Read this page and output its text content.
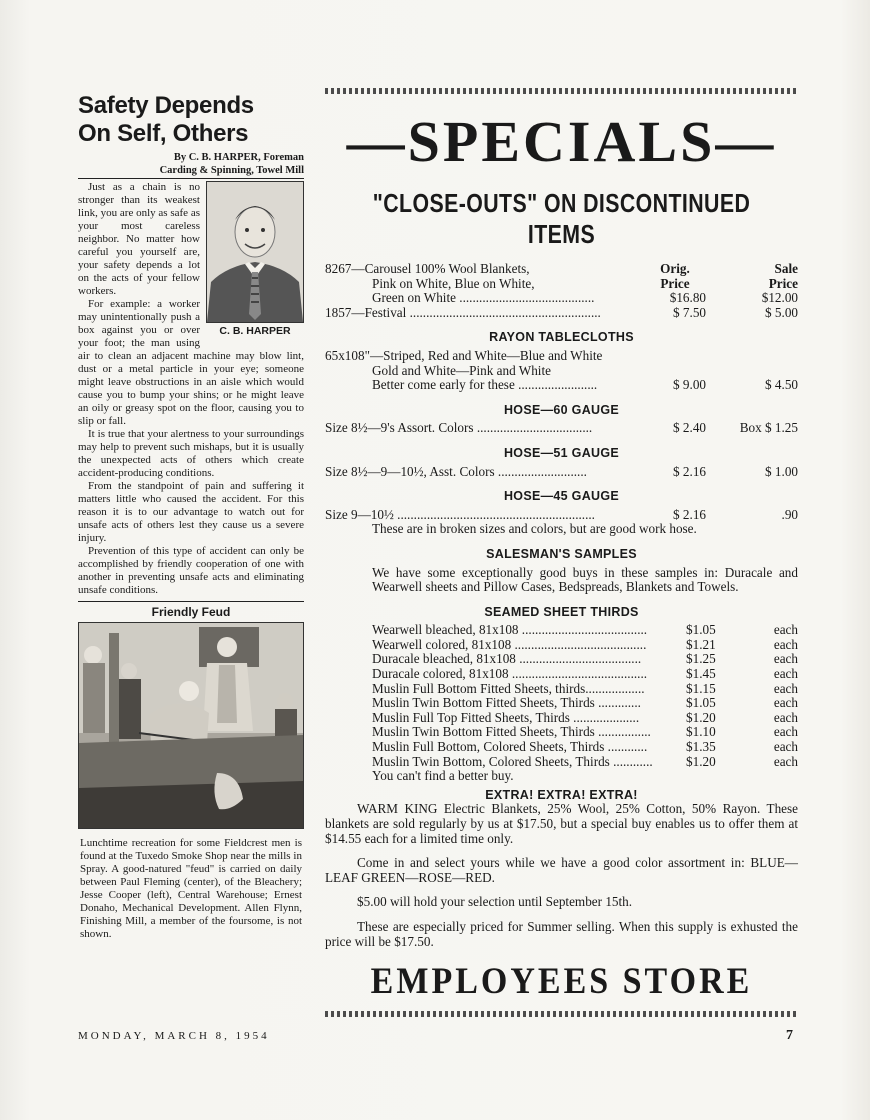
Safety Depends
On Self, Others
By C. B. HARPER, Foreman
Carding & Spinning, Towel Mill
C. B. HARPER

Just as a chain is no stronger than its weakest link, you are only as safe as your most careless neighbor. No matter how careful you yourself are, your safety depends a lot on the acts of your fellow workers.

For example: a worker may unintentionally push a box against you or over your foot; the man using air to clean an adjacent machine may blow lint, dust or a metal particle in your eye; someone might leave obstructions in an aisle which would cause you to bump your shins; or he might leave an oily or greasy spot on the floor, causing you to slip or fall.

It is true that your alertness to your surroundings may help to prevent such mishaps, but it is usually the unexpected acts of others which create accident-producing conditions.

From the standpoint of pain and suffering it matters little who caused the accident. For this reason it is to our advantage to watch out for unsafe acts of others lest they cause us a severe injury.

Prevention of this type of accident can only be accomplished by friendly cooperation of one with another in preventing unsafe acts and eliminating unsafe conditions.

Friendly Feud
Lunchtime recreation for some Fieldcrest men is found at the Tuxedo Smoke Shop near the mills in Spray. A good-natured "feud" is carried on daily between Paul Fleming (center), of the Bleachery; Jesse Cooper (left), Central Warehouse; Ernest Donaho, Mechanical Development. Allen Flynn, Finishing Mill, a member of the foursome, is not shown.
MONDAY, MARCH 8, 1954	7
—SPECIALS—
"CLOSE-OUTS" ON DISCONTINUED ITEMS
8267—Carousel 100% Wool Blankets,	Orig.	Sale
Pink on White, Blue on White,	Price	Price
Green on White .........................................	$16.80	$12.00
1857—Festival ..........................................................	$ 7.50	$ 5.00
RAYON TABLECLOTHS
65x108"—Striped, Red and White—Blue and White
Gold and White—Pink and White
Better come early for these ........................	$ 9.00	$ 4.50
HOSE—60 GAUGE
Size 8½—9's Assort. Colors ...................................	$ 2.40	Box $ 1.25
HOSE—51 GAUGE
Size 8½—9—10½, Asst. Colors ...........................	$ 2.16	$ 1.00
HOSE—45 GAUGE
Size 9—10½ ............................................................	$ 2.16	.90
These are in broken sizes and colors, but are good work hose.
SALESMAN'S SAMPLES
We have some exceptionally good buys in these samples in: Duracale and Wearwell sheets and Pillow Cases, Bedspreads, Blankets and Towels.
SEAMED SHEET THIRDS
Wearwell bleached, 81x108 ......................................	$1.05	each
Wearwell colored, 81x108 ........................................	$1.21	each
Duracale bleached, 81x108 .....................................	$1.25	each
Duracale colored, 81x108 .........................................	$1.45	each
Muslin Full Bottom Fitted Sheets, thirds..................	$1.15	each
Muslin Twin Bottom Fitted Sheets, Thirds .............	$1.05	each
Muslin Full Top Fitted Sheets, Thirds ....................	$1.20	each
Muslin Twin Bottom Fitted Sheets, Thirds ................	$1.10	each
Muslin Full Bottom, Colored Sheets, Thirds ............	$1.35	each
Muslin Twin Bottom, Colored Sheets, Thirds ............	$1.20	each
You can't find a better buy.
EXTRA! EXTRA! EXTRA!
WARM KING Electric Blankets, 25% Wool, 25% Cotton, 50% Rayon. These blankets are sold regularly by us at $17.50, but a special buy enables us to offer them at $14.55 each for a limited time only.
Come in and select yours while we have a good color assortment in: BLUE—LEAF GREEN—ROSE—RED.
$5.00 will hold your selection until September 15th.
These are especially priced for Summer selling. When this supply is exhusted the price will be $17.50.
EMPLOYEES STORE
